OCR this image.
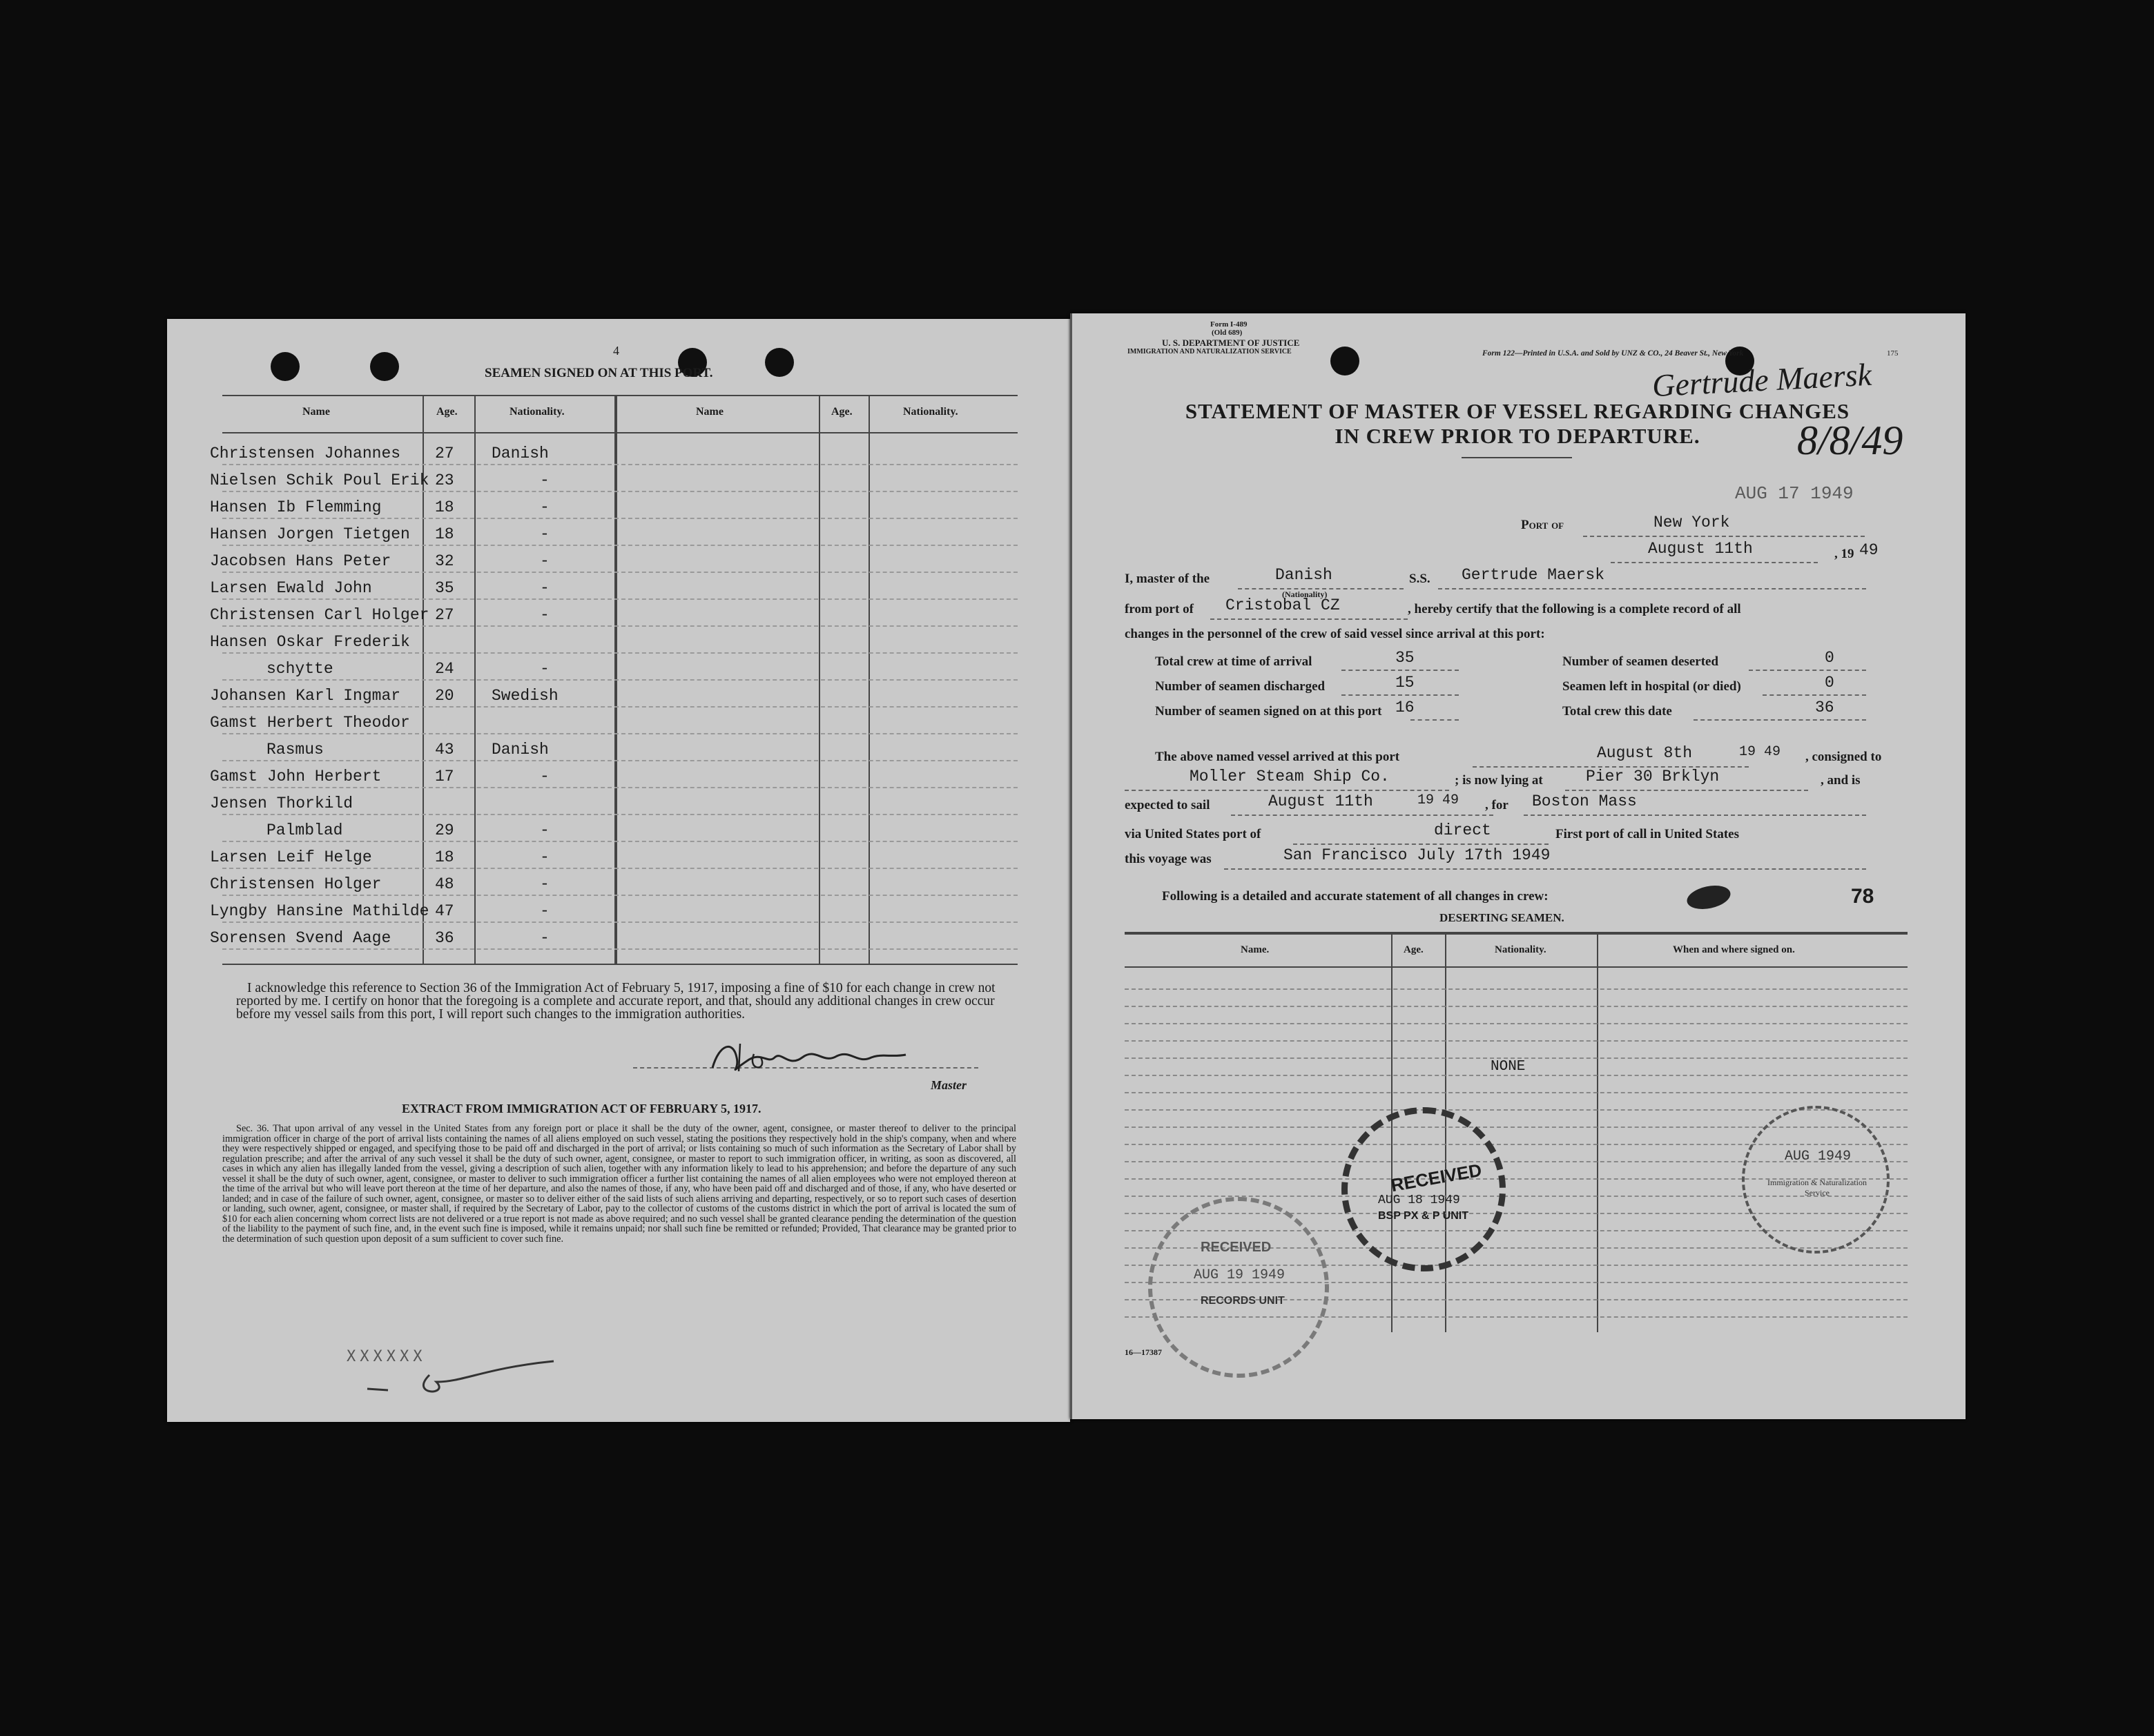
4
SEAMEN SIGNED ON AT THIS PORT.
Name	Age.	Nationality.	Name	Age.	Nationality.
Christensen Johannes 27 Danish
Nielsen Schik Poul Erik 23	-
Hansen Ib Flemming	18	-
Hansen Jorgen Tietgen 18	-
Jacobsen Hans Peter	32	-
Larsen Ewald John	35	-
Christensen Carl Holger 27	-
Hansen Oskar Frederik
schytte	24	-
Johansen Karl Ingmar 20 Swedish
Gamst Herbert Theodor
Rasmus	43 Danish
Gamst John Herbert	17	-
Jensen Thorkild
Palmblad	29	-
Larsen Leif Helge	18	-
Christensen Holger	48	-
Lyngby Hansine Mathilde 47	-
Sorensen Svend Aage	36	-
I acknowledge this reference to Section 36 of the Immigration Act of February 5, 1917, imposing a fine of $10 for each change in crew not reported by me. I certify on honor that the foregoing is a complete and accurate report, and that, should any additional changes in crew occur before my vessel sails from this port, I will report such changes to the immigration authorities.
Master
EXTRACT FROM IMMIGRATION ACT OF FEBRUARY 5, 1917.
Sec. 36. That upon arrival of any vessel in the United States from any foreign port or place it shall be the duty of the owner, agent, consignee, or master thereof to deliver to the principal immigration officer in charge of the port of arrival lists containing the names of all aliens employed on such vessel, stating the positions they respectively hold in the ship's company, when and where they were respectively shipped or engaged, and specifying those to be paid off and discharged in the port of arrival; or lists containing so much of such information as the Secretary of Labor shall by regulation prescribe; and after the arrival of any such vessel it shall be the duty of such owner, agent, consignee, or master to report to such immigration officer, in writing, as soon as discovered, all cases in which any alien has illegally landed from the vessel, giving a description of such alien, together with any information likely to lead to his apprehension; and before the departure of any such vessel it shall be the duty of such owner, agent, consignee, or master to deliver to such immigration officer a further list containing the names of all alien employees who were not employed thereon at the time of the arrival but who will leave port thereon at the time of her departure, and also the names of those, if any, who have been paid off and discharged and of those, if any, who have deserted or landed; and in case of the failure of such owner, agent, consignee, or master so to deliver either of the said lists of such aliens arriving and departing, respectively, or so to report such cases of desertion or landing, such owner, agent, consignee, or master shall, if required by the Secretary of Labor, pay to the collector of customs of the customs district in which the port of arrival is located the sum of $10 for each alien concerning whom correct lists are not delivered or a true report is not made as above required; and no such vessel shall be granted clearance pending the determination of the question of the liability to the payment of such fine, and, in the event such fine is imposed, while it remains unpaid; nor shall such fine be remitted or refunded; Provided, That clearance may be granted prior to the determination of such question upon deposit of a sum sufficient to cover such fine.
XXXXXX
Form I-489
(Old 689)
U. S. DEPARTMENT OF JUSTICE
IMMIGRATION AND NATURALIZATION SERVICE	Form 122—Printed in U.S.A. and Sold by UNZ & CO., 24 Beaver St., New York	175
Gertrude Maersk
8/8/49
STATEMENT OF MASTER OF VESSEL REGARDING CHANGES
IN CREW PRIOR TO DEPARTURE.
AUG 17 1949
Port of	New York
August 11th	, 19 49
I, master of the	Danish
(Nationality)
S.S. Gertrude Maersk
from port of Cristobal CZ	, hereby certify that the following is a complete record of all
changes in the personnel of the crew of said vessel since arrival at this port:
Total crew at time of arrival	35	Number of seamen deserted	0
Number of seamen discharged	15	Seamen left in hospital (or died)	0
Number of seamen signed on at this port 16	Total crew this date	36
The above named vessel arrived at this port	August 8th	19 49 , consigned to
Moller Steam Ship Co.	; is now lying at	Pier 30 Brklyn	, and is
expected to sail	August 11th	19 49 , for Boston Mass
via United States port of	direct	First port of call in United States
this voyage was	San Francisco July 17th 1949
Following is a detailed and accurate statement of all changes in crew:	78
DESERTING SEAMEN.
Name.	Age.	Nationality.	When and where signed on.
NONE
RECEIVED
AUG 18 1949
BSP PX & P UNIT
RECEIVED
AUG 19 1949
RECORDS UNIT
AUG 1949
Immigration & Naturalization Service
16—17387
